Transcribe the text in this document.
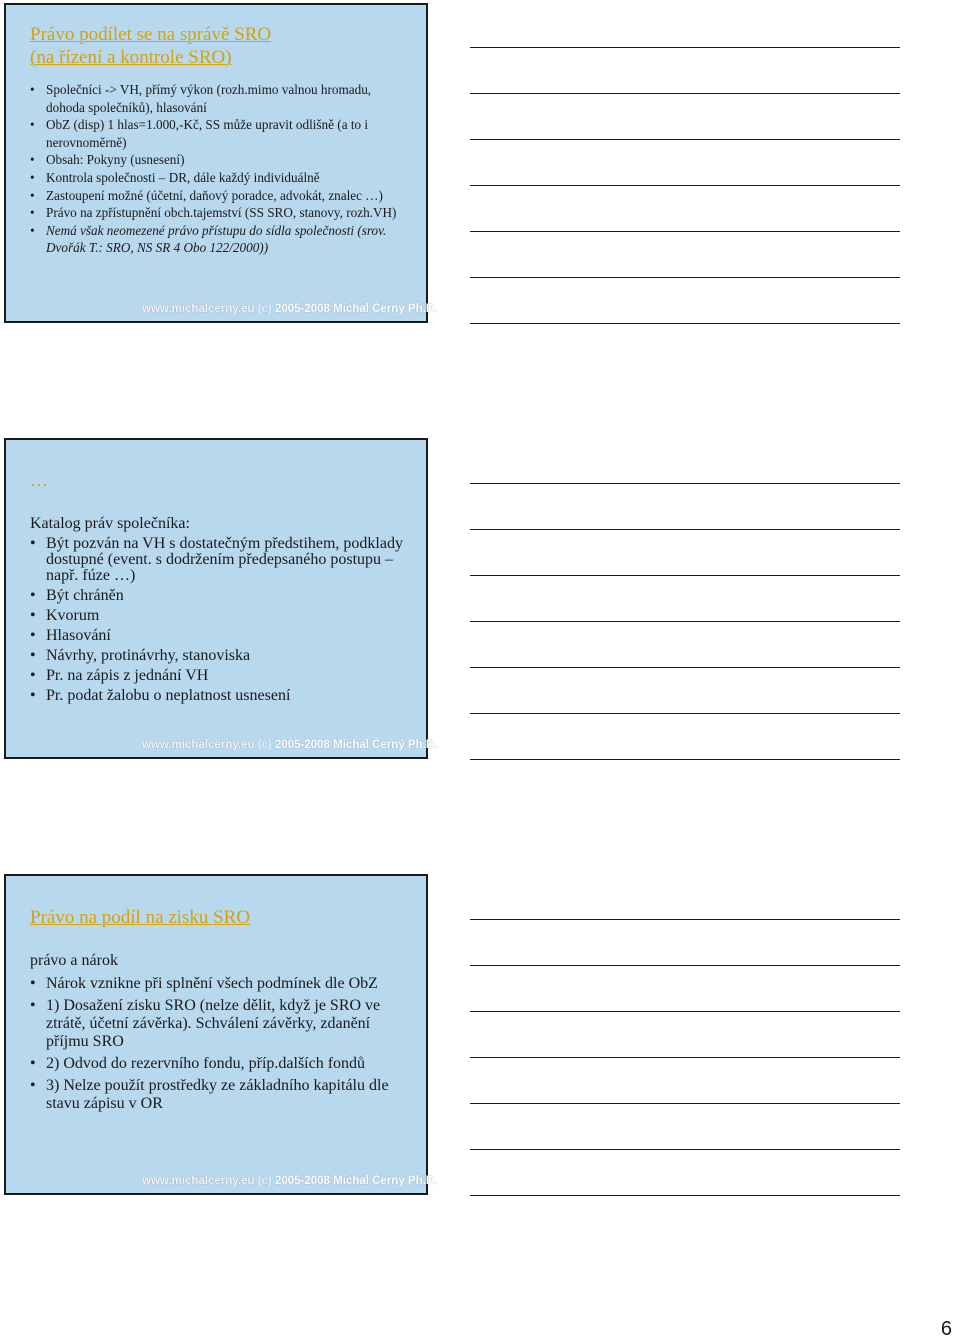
Právo podílet se na správě SRO
(na řízení a kontrole SRO)
• Společníci -> VH, přímý výkon (rozh.mimo valnou hromadu, dohoda společníků), hlasování
• ObZ (disp) 1 hlas=1.000,-Kč, SS může upravit odlišně (a to i nerovnoměrně)
• Obsah: Pokyny (usnesení)
• Kontrola společnosti – DR, dále každý individuálně
• Zastoupení možné (účetní, daňový poradce, advokát, znalec …)
• Právo na zpřístupnění obch.tajemství (SS SRO, stanovy, rozh.VH)
• Nemá však neomezené právo přístupu do sídla společnosti (srov. Dvořák T.: SRO, NS SR 4 Obo 122/2000))
www.michalcerny.eu (c) 2005-2008 Michal Černý Ph.D.
…

Katalog práv společníka:

• Být pozván na VH s dostatečným předstihem, podklady dostupné (event. s dodržením předepsaného postupu – např. fúze …)
• Být chráněn
• Kvorum
• Hlasování
• Návrhy, protinávrhy, stanoviska
• Pr. na zápis z jednání VH
• Pr. podat žalobu o neplatnost usnesení
www.michalcerny.eu (c) 2005-2008 Michal Černý Ph.D.
Právo na podíl na zisku SRO

právo a nárok

• Nárok vznikne při splnění všech podmínek dle ObZ
• 1) Dosažení zisku SRO (nelze dělit, když je SRO ve ztrátě, účetní závěrka). Schválení závěrky, zdanění příjmu SRO
• 2) Odvod do rezervního fondu, příp.dalších fondů
• 3) Nelze použít prostředky ze základního kapitálu dle stavu zápisu v OR
www.michalcerny.eu (c) 2005-2008 Michal Černý Ph.D.
6
